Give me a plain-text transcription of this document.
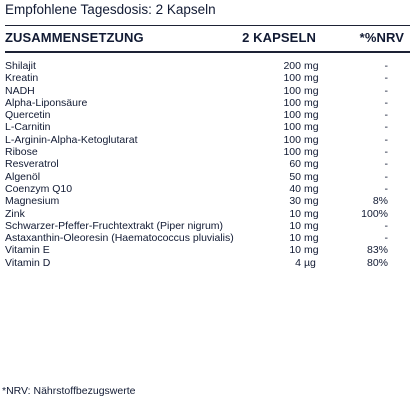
Empfohlene Tagesdosis: 2 Kapseln
ZUSAMMENSETZUNG	2 KAPSELN	*%NRV
Shilajit	200 mg	-
Kreatin	100 mg	-
NADH	100 mg	-
Alpha-Liponsäure	100 mg	-
Quercetin	100 mg	-
L-Carnitin	100 mg	-
L-Arginin-Alpha-Ketoglutarat	100 mg	-
Ribose	100 mg	-
Resveratrol	60 mg	-
Algenöl	50 mg	-
Coenzym Q10	40 mg	-
Magnesium	30 mg	8%
Zink	10 mg	100%
Schwarzer-Pfeffer-Fruchtextrakt (Piper nigrum)	10 mg	-
Astaxanthin-Oleoresin (Haematococcus pluvialis)	10 mg	-
Vitamin E	10 mg	83%
Vitamin D	4 µg	80%
*NRV: Nährstoffbezugswerte
